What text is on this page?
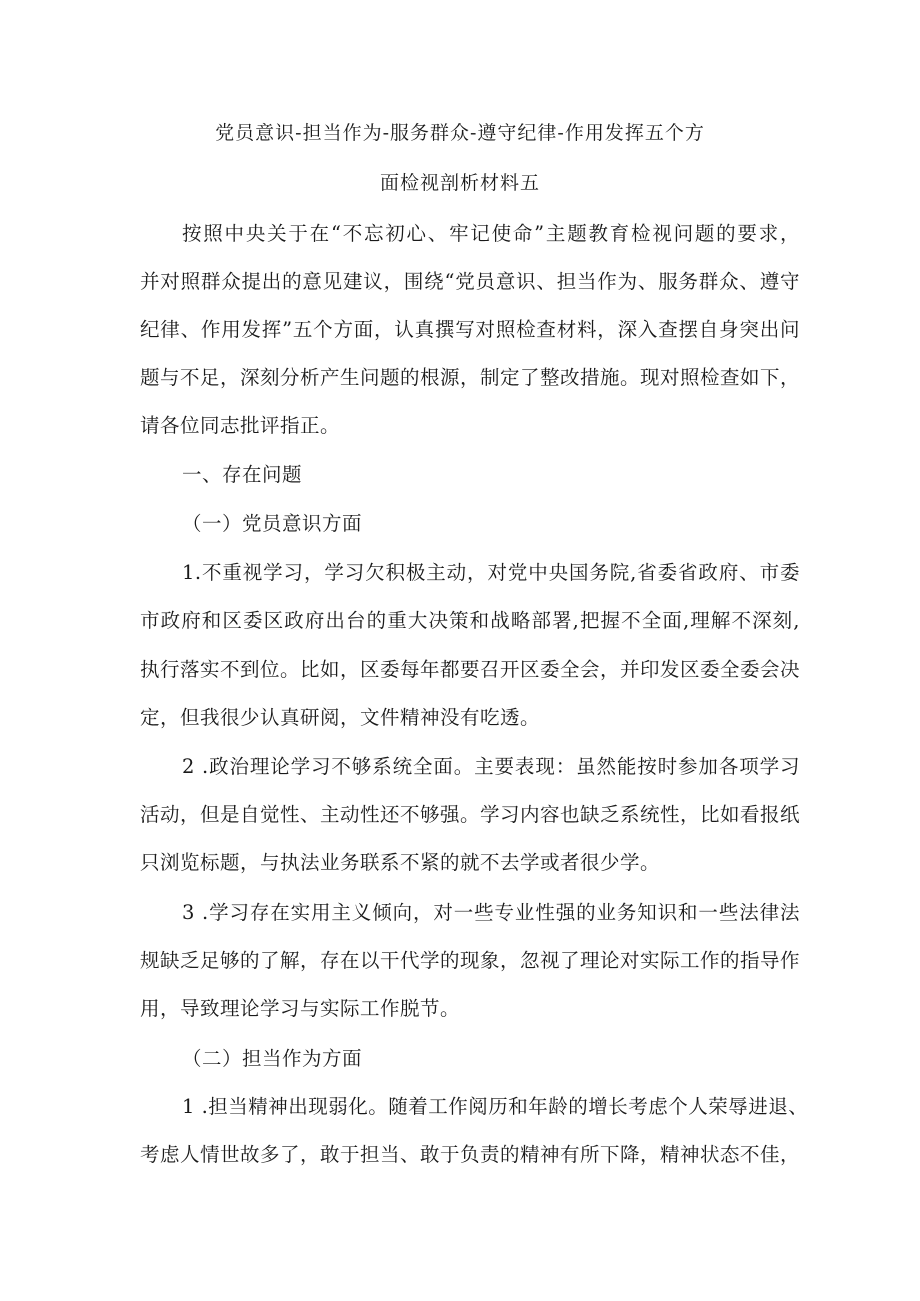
党员意识-担当作为-服务群众-遵守纪律-作用发挥五个方
面检视剖析材料五
按照中央关于在“不忘初心、牢记使命”主题教育检视问题的要求，
并对照群众提出的意见建议，围绕“党员意识、担当作为、服务群众、遵守
纪律、作用发挥”五个方面，认真撰写对照检查材料，深入查摆自身突出问
题与不足，深刻分析产生问题的根源，制定了整改措施。现对照检查如下，
请各位同志批评指正。
一、存在问题
（一）党员意识方面
1.不重视学习，学习欠积极主动，对党中央国务院,省委省政府、市委
市政府和区委区政府出台的重大决策和战略部署,把握不全面,理解不深刻,
执行落实不到位。比如，区委每年都要召开区委全会，并印发区委全委会决
定，但我很少认真研阅，文件精神没有吃透。
2 .政治理论学习不够系统全面。主要表现：虽然能按时参加各项学习
活动，但是自觉性、主动性还不够强。学习内容也缺乏系统性，比如看报纸
只浏览标题，与执法业务联系不紧的就不去学或者很少学。
3 .学习存在实用主义倾向，对一些专业性强的业务知识和一些法律法
规缺乏足够的了解，存在以干代学的现象，忽视了理论对实际工作的指导作
用，导致理论学习与实际工作脱节。
（二）担当作为方面
1 .担当精神出现弱化。随着工作阅历和年龄的增长考虑个人荣辱进退、
考虑人情世故多了，敢于担当、敢于负责的精神有所下降，精神状态不佳，
